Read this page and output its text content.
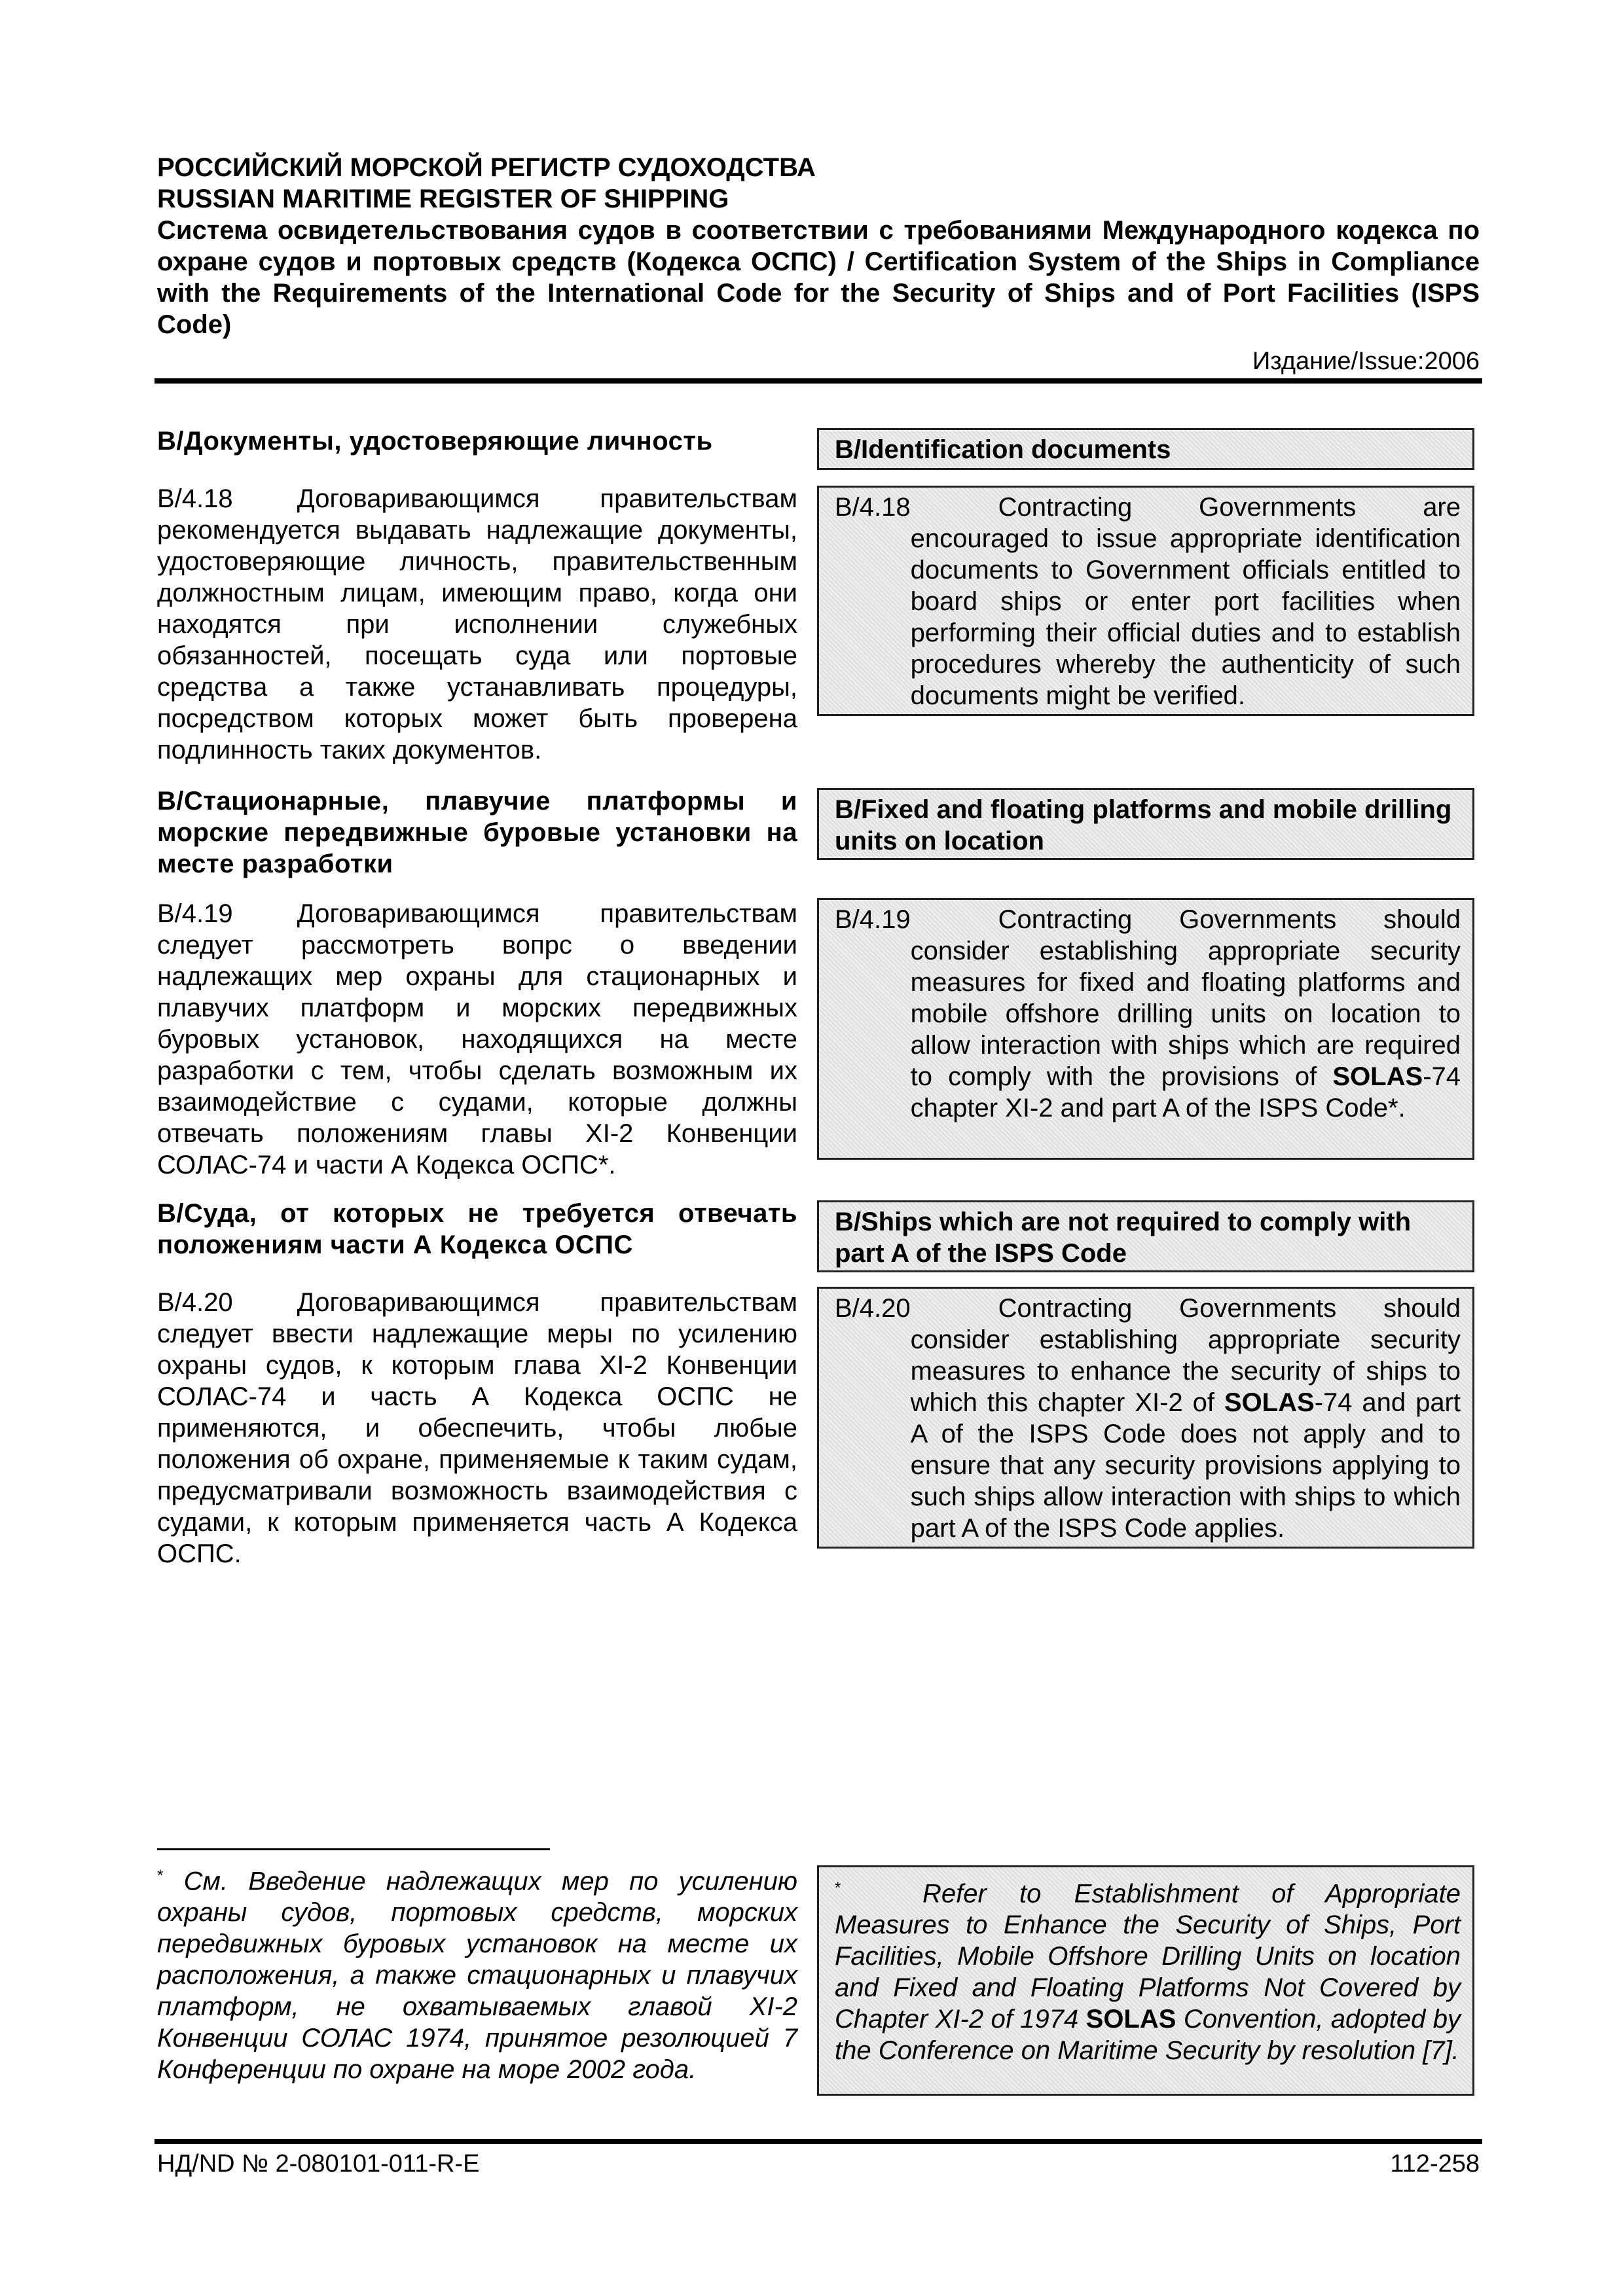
РОССИЙСКИЙ МОРСКОЙ РЕГИСТР СУДОХОДСТВА
RUSSIAN MARITIME REGISTER OF SHIPPING
Система освидетельствования судов в соответствии с требованиями Международного кодекса по охране судов и портовых средств (Кодекса ОСПС) / Certification System of the Ships in Compliance with the Requirements of the International Code for the Security of Ships and of Port Facilities (ISPS Code)
Издание/Issue:2006
В/Документы, удостоверяющие личность	B/Identification documents
В/4.18 Договаривающимся правительствам рекомендуется выдавать надлежащие документы, удостоверяющие личность, правительственным должностным лицам, имеющим право, когда они находятся при исполнении служебных обязанностей, посещать суда или портовые средства а также устанавливать процедуры, посредством которых может быть проверена подлинность таких документов.
B/4.18	Contracting Governments are encouraged to issue appropriate identification documents to Government officials entitled to board ships or enter port facilities when performing their official duties and to establish procedures whereby the authenticity of such documents might be verified.
В/Стационарные, плавучие платформы и морские передвижные буровые установки на месте разработки
B/Fixed and floating platforms and mobile drilling units on location
В/4.19 Договаривающимся правительствам следует рассмотреть вопрс о введении надлежащих мер охраны для стационарных и плавучих платформ и морских передвижных буровых установок, находящихся на месте разработки с тем, чтобы сделать возможным их взаимодействие с судами, которые должны отвечать положениям главы XI-2 Конвенции СОЛАС-74 и части А Кодекса ОСПС*.
B/4.19	Contracting Governments should consider establishing appropriate security measures for fixed and floating platforms and mobile offshore drilling units on location to allow interaction with ships which are required to comply with the provisions of SOLAS-74 chapter XI-2 and part A of the ISPS Code*.
В/Суда, от которых не требуется отвечать положениям части А Кодекса ОСПС
B/Ships which are not required to comply with part A of the ISPS Code
В/4.20 Договаривающимся правительствам следует ввести надлежащие меры по усилению охраны судов, к которым глава XI-2 Конвенции СОЛАС-74 и часть А Кодекса ОСПС не применяются, и обеспечить, чтобы любые положения об охране, применяемые к таким судам, предусматривали возможность взаимодействия с судами, к которым применяется часть А Кодекса ОСПС.
B/4.20	Contracting Governments should consider establishing appropriate security measures to enhance the security of ships to which this chapter XI-2 of SOLAS-74 and part A of the ISPS Code does not apply and to ensure that any security provisions applying to such ships allow interaction with ships to which part A of the ISPS Code applies.
* См. Введение надлежащих мер по усилению охраны судов, портовых средств, морских передвижных буровых установок на месте их расположения, а также стационарных и плавучих платформ, не охватываемых главой XI-2 Конвенции СОЛАС 1974, принятое резолюцией 7 Конференции по охране на море 2002 года.
*	Refer to Establishment of Appropriate Measures to Enhance the Security of Ships, Port Facilities, Mobile Offshore Drilling Units on location and Fixed and Floating Platforms Not Covered by Chapter XI-2 of 1974 SOLAS Convention, adopted by the Conference on Maritime Security by resolution [7].
НД/ND № 2-080101-011-R-E	112-258
